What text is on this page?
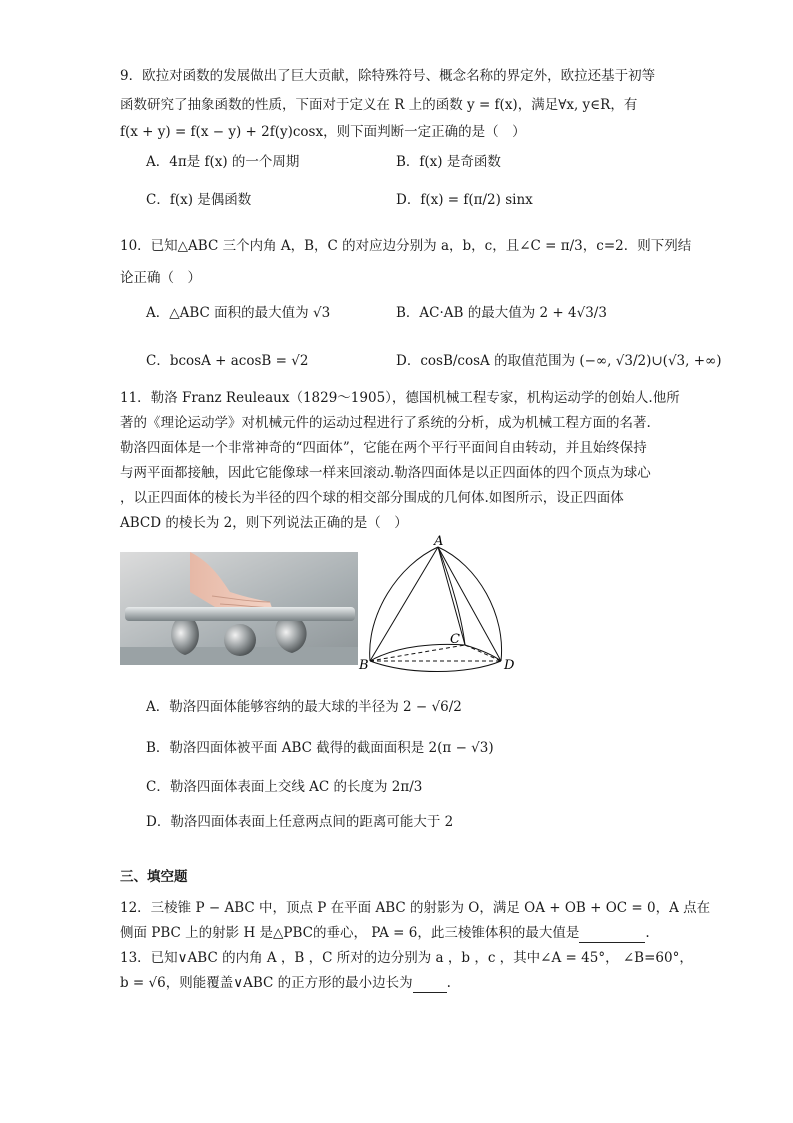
9．欧拉对函数的发展做出了巨大贡献，除特殊符号、概念名称的界定外，欧拉还基于初等
函数研究了抽象函数的性质，下面对于定义在 R 上的函数 y = f(x)，满足∀x, y∈R，有
f(x + y) = f(x − y) + 2f(y)cosx，则下面判断一定正确的是（　）
A．4π是 f(x) 的一个周期	B．f(x) 是奇函数
C．f(x) 是偶函数	D．f(x) = f(π/2) sinx
10．已知△ABC 三个内角 A，B，C 的对应边分别为 a，b，c，且∠C = π/3，c=2．则下列结
论正确（　）
A．△ABC 面积的最大值为 √3	B．AC·AB 的最大值为 2 + 4√3/3
C．bcosA + acosB = √2	D．cosB/cosA 的取值范围为 (−∞, √3/2)∪(√3, +∞)
11．勒洛 Franz Reuleaux（1829～1905），德国机械工程专家，机构运动学的创始人.他所
著的《理论运动学》对机械元件的运动过程进行了系统的分析，成为机械工程方面的名著.
勒洛四面体是一个非常神奇的“四面体”，它能在两个平行平面间自由转动，并且始终保持
与两平面都接触，因此它能像球一样来回滚动.勒洛四面体是以正四面体的四个顶点为球心
，以正四面体的棱长为半径的四个球的相交部分围成的几何体.如图所示，设正四面体
ABCD 的棱长为 2，则下列说法正确的是（　）
A
B
C
D
A．勒洛四面体能够容纳的最大球的半径为 2 − √6/2
B．勒洛四面体被平面 ABC 截得的截面面积是 2(π − √3)
C．勒洛四面体表面上交线 AC 的长度为 2π/3
D．勒洛四面体表面上任意两点间的距离可能大于 2
三、填空题
12．三棱锥 P − ABC 中，顶点 P 在平面 ABC 的射影为 O，满足 OA + OB + OC = 0，A 点在
侧面 PBC 上的射影 H 是△PBC的垂心， PA = 6，此三棱锥体积的最大值是	.
13．已知∨ABC 的内角 A ，B ，C 所对的边分别为 a ，b ，c ，其中∠A = 45°， ∠B=60°，
b = √6，则能覆盖∨ABC 的正方形的最小边长为	.
